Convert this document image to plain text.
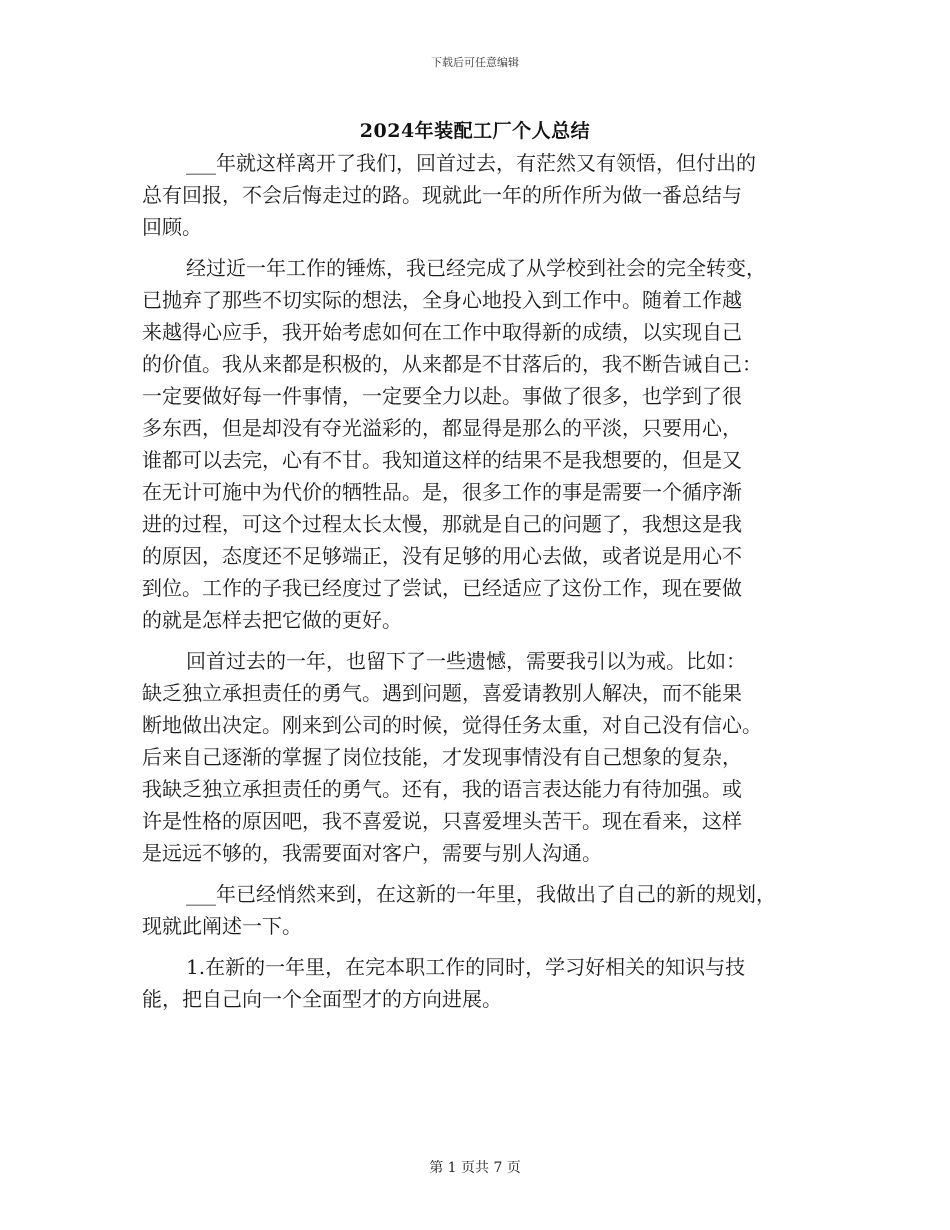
下载后可任意编辑
2024年装配工厂个人总结
___年就这样离开了我们，回首过去，有茫然又有领悟，但付出的
总有回报，不会后悔走过的路。现就此一年的所作所为做一番总结与
回顾。
经过近一年工作的锤炼，我已经完成了从学校到社会的完全转变，
已抛弃了那些不切实际的想法，全身心地投入到工作中。随着工作越
来越得心应手，我开始考虑如何在工作中取得新的成绩，以实现自己
的价值。我从来都是积极的，从来都是不甘落后的，我不断告诫自己：
一定要做好每一件事情，一定要全力以赴。事做了很多，也学到了很
多东西，但是却没有夺光溢彩的，都显得是那么的平淡，只要用心，
谁都可以去完，心有不甘。我知道这样的结果不是我想要的，但是又
在无计可施中为代价的牺牲品。是，很多工作的事是需要一个循序渐
进的过程，可这个过程太长太慢，那就是自己的问题了，我想这是我
的原因，态度还不足够端正，没有足够的用心去做，或者说是用心不
到位。工作的子我已经度过了尝试，已经适应了这份工作，现在要做
的就是怎样去把它做的更好。
回首过去的一年，也留下了一些遗憾，需要我引以为戒。比如：
缺乏独立承担责任的勇气。遇到问题，喜爱请教别人解决，而不能果
断地做出决定。刚来到公司的时候，觉得任务太重，对自己没有信心。
后来自己逐渐的掌握了岗位技能，才发现事情没有自己想象的复杂，
我缺乏独立承担责任的勇气。还有，我的语言表达能力有待加强。或
许是性格的原因吧，我不喜爱说，只喜爱埋头苦干。现在看来，这样
是远远不够的，我需要面对客户，需要与别人沟通。
___年已经悄然来到，在这新的一年里，我做出了自己的新的规划，
现就此阐述一下。
1.在新的一年里，在完本职工作的同时，学习好相关的知识与技
能，把自己向一个全面型才的方向进展。
第 1 页共 7 页
